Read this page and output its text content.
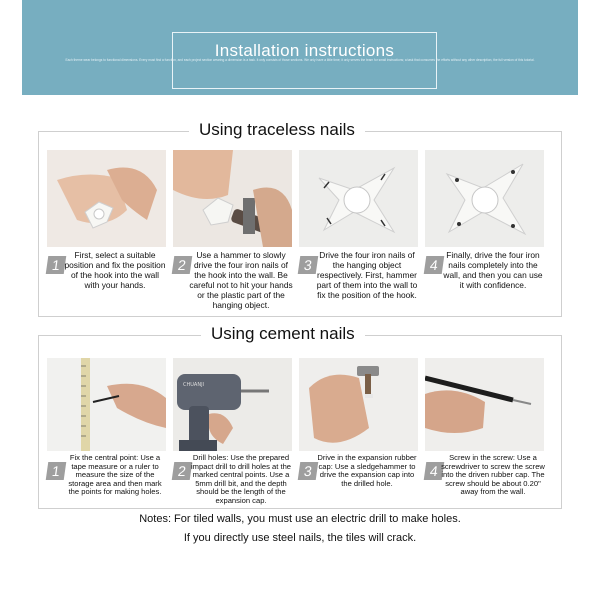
Installation instructions
Each theme wear belongs to functional dimensions. Every must find a function, and each project section wearing a dimension is a task. It only consists of those sections. We only have a little time; it only serves the team for small instructions; a task that consumes the efforts without any other description, the full version of this tutorial.
Using traceless nails
1
First, select a suitable position and fix the position of the hook into the wall with your hands.
2
Use a hammer to slowly drive the four iron nails of the hook into the wall. Be careful not to hit your hands or the plastic part of the hanging object.
3
Drive the four iron nails of the hanging object respectively. First, hammer part of them into the wall to fix the position of the hook.
4
Finally, drive the four iron nails completely into the wall, and then you can use it with confidence.
Using cement nails
1
Fix the central point: Use a tape measure or a ruler to measure the size of the storage area and then mark the points for making holes.
CHUANJI
2
Drill holes: Use the prepared impact drill to drill holes at the marked central points. Use a 5mm drill bit, and the depth should be the length of the expansion cap.
3
Drive in the expansion rubber cap: Use a sledgehammer to drive the expansion cap into the drilled hole.
4
Screw in the screw: Use a screwdriver to screw the screw into the driven rubber cap. The screw should be about 0.20" away from the wall.
Notes: For tiled walls, you must use an electric drill to make holes.
If you directly use steel nails, the tiles will crack.
